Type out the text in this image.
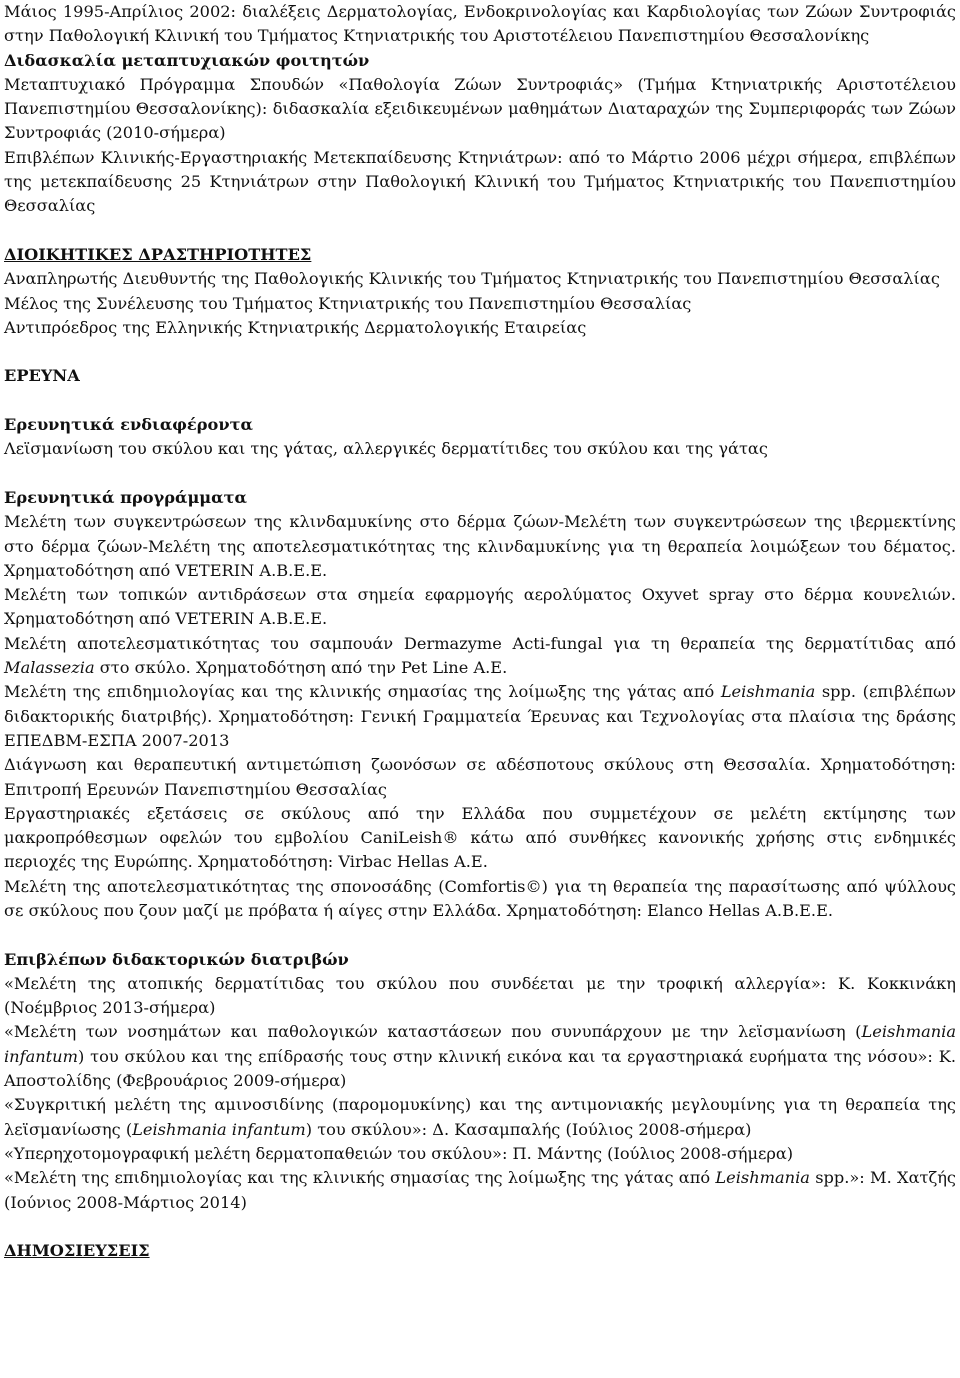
Μάιος 1995-Απρίλιος 2002: διαλέξεις Δερματολογίας, Ενδοκρινολογίας και Καρδιολογίας των Ζώων Συντροφιάς στην Παθολογική Κλινική του Τμήματος Κτηνιατρικής του Αριστοτέλειου Πανεπιστημίου Θεσσαλονίκης

Διδασκαλία μεταπτυχιακών φοιτητών

Μεταπτυχιακό Πρόγραμμα Σπουδών «Παθολογία Ζώων Συντροφιάς» (Τμήμα Κτηνιατρικής Αριστοτέλειου Πανεπιστημίου Θεσσαλονίκης): διδασκαλία εξειδικευμένων μαθημάτων Διαταραχών της Συμπεριφοράς των Ζώων Συντροφιάς (2010-σήμερα)

Επιβλέπων Κλινικής-Εργαστηριακής Μετεκπαίδευσης Κτηνιάτρων: από το Μάρτιο 2006 μέχρι σήμερα, επιβλέπων της μετεκπαίδευσης 25 Κτηνιάτρων στην Παθολογική Κλινική του Τμήματος Κτηνιατρικής του Πανεπιστημίου Θεσσαλίας

ΔΙΟΙΚΗΤΙΚΕΣ ΔΡΑΣΤΗΡΙΟΤΗΤΕΣ

Αναπληρωτής Διευθυντής της Παθολογικής Κλινικής του Τμήματος Κτηνιατρικής του Πανεπιστημίου Θεσσαλίας

Μέλος της Συνέλευσης του Τμήματος Κτηνιατρικής του Πανεπιστημίου Θεσσαλίας

Αντιπρόεδρος της Ελληνικής Κτηνιατρικής Δερματολογικής Εταιρείας

ΕΡΕΥΝΑ

Ερευνητικά ενδιαφέροντα

Λεϊσμανίωση του σκύλου και της γάτας, αλλεργικές δερματίτιδες του σκύλου και της γάτας

Ερευνητικά προγράμματα

Μελέτη των συγκεντρώσεων της κλινδαμυκίνης στο δέρμα ζώων-Μελέτη των συγκεντρώσεων της ιβερμεκτίνης στο δέρμα ζώων-Μελέτη της αποτελεσματικότητας της κλινδαμυκίνης για τη θεραπεία λοιμώξεων του δέματος. Χρηματοδότηση από VETERIN A.B.E.E.

Μελέτη των τοπικών αντιδράσεων στα σημεία εφαρμογής αερολύματος Oxyvet spray στο δέρμα κουνελιών. Χρηματοδότηση από VETERIN A.B.E.E.

Μελέτη αποτελεσματικότητας του σαμπουάν Dermazyme Acti-fungal για τη θεραπεία της δερματίτιδας από Malassezia στο σκύλο. Χρηματοδότηση από την Pet Line A.E.

Μελέτη της επιδημιολογίας και της κλινικής σημασίας της λοίμωξης της γάτας από Leishmania spp. (επιβλέπων διδακτορικής διατριβής). Χρηματοδότηση: Γενική Γραμματεία Έρευνας και Τεχνολογίας στα πλαίσια της δράσης ΕΠΕΔΒΜ-ΕΣΠΑ 2007-2013

Διάγνωση και θεραπευτική αντιμετώπιση ζωονόσων σε αδέσποτους σκύλους στη Θεσσαλία. Χρηματοδότηση: Επιτροπή Ερευνών Πανεπιστημίου Θεσσαλίας

Εργαστηριακές εξετάσεις σε σκύλους από την Ελλάδα που συμμετέχουν σε μελέτη εκτίμησης των μακροπρόθεσμων οφελών του εμβολίου CaniLeish® κάτω από συνθήκες κανονικής χρήσης στις ενδημικές περιοχές της Ευρώπης. Χρηματοδότηση: Virbac Hellas A.E.

Μελέτη της αποτελεσματικότητας της σπονοσάδης (Comfortis©) για τη θεραπεία της παρασίτωσης από ψύλλους σε σκύλους που ζουν μαζί με πρόβατα ή αίγες στην Ελλάδα. Χρηματοδότηση: Elanco Hellas A.B.E.E.

Επιβλέπων διδακτορικών διατριβών

«Μελέτη της ατοπικής δερματίτιδας του σκύλου που συνδέεται με την τροφική αλλεργία»: Κ. Κοκκινάκη (Νοέμβριος 2013-σήμερα)

«Μελέτη των νοσημάτων και παθολογικών καταστάσεων που συνυπάρχουν με την λεϊσμανίωση (Leishmania infantum) του σκύλου και της επίδρασής τους στην κλινική εικόνα και τα εργαστηριακά ευρήματα της νόσου»: Κ. Αποστολίδης (Φεβρουάριος 2009-σήμερα)

«Συγκριτική μελέτη της αμινοσιδίνης (παρομομυκίνης) και της αντιμονιακής μεγλουμίνης για τη θεραπεία της λεϊσμανίωσης (Leishmania infantum) του σκύλου»: Δ. Κασαμπαλής (Ιούλιος 2008-σήμερα)

«Υπερηχοτομογραφική μελέτη δερματοπαθειών του σκύλου»: Π. Μάντης (Ιούλιος 2008-σήμερα)

«Μελέτη της επιδημιολογίας και της κλινικής σημασίας της λοίμωξης της γάτας από Leishmania spp.»: Μ. Χατζής (Ιούνιος 2008-Μάρτιος 2014)

ΔΗΜΟΣΙΕΥΣΕΙΣ
